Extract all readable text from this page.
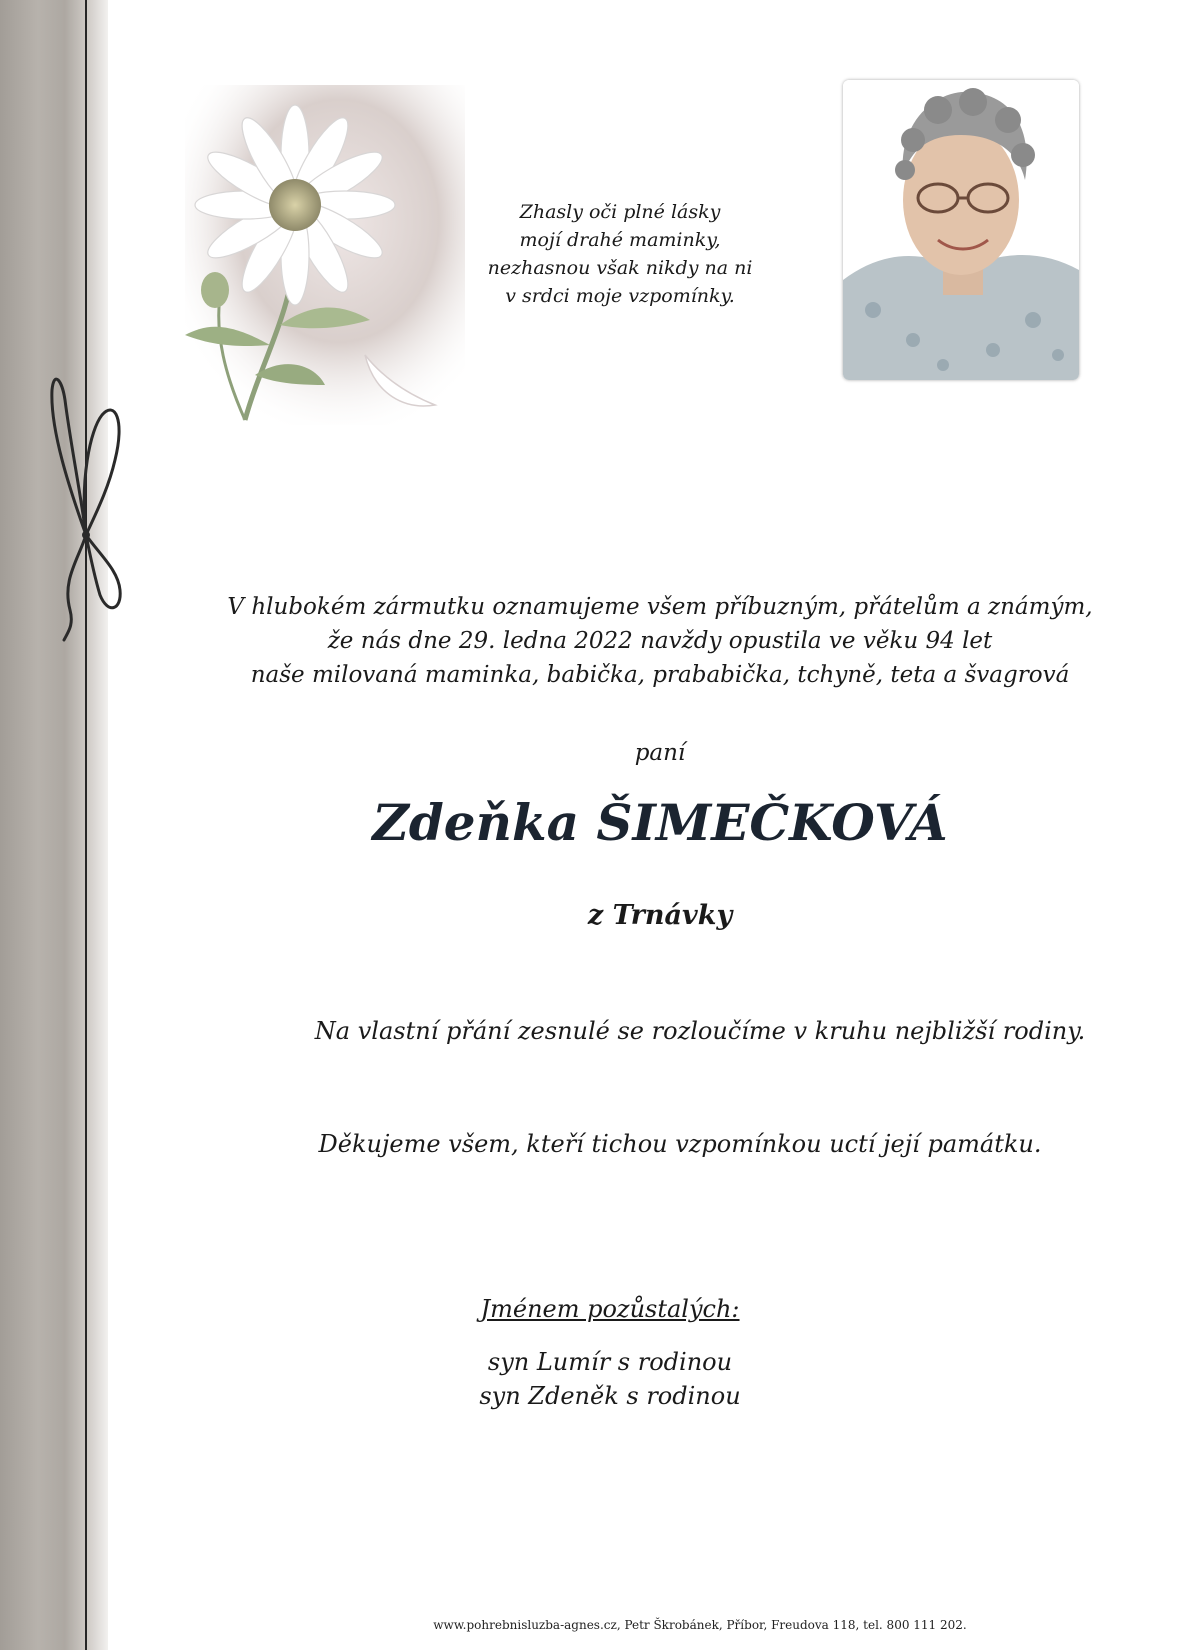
Zhasly oči plné lásky
mojí drahé maminky,
nezhasnou však nikdy na ni
v srdci moje vzpomínky.
V hlubokém zármutku oznamujeme všem příbuzným, přátelům a známým,
že nás dne 29. ledna 2022 navždy opustila ve věku 94 let
naše milovaná maminka, babička, prababička, tchyně, teta a švagrová
paní
Zdeňka ŠIMEČKOVÁ
z Trnávky
Na vlastní přání zesnulé se rozloučíme v kruhu nejbližší rodiny.
Děkujeme všem, kteří tichou vzpomínkou uctí její památku.
Jménem pozůstalých:
syn Lumír s rodinou
syn Zdeněk s rodinou
www.pohrebnisluzba-agnes.cz, Petr Škrobánek, Příbor, Freudova 118, tel. 800 111 202.
